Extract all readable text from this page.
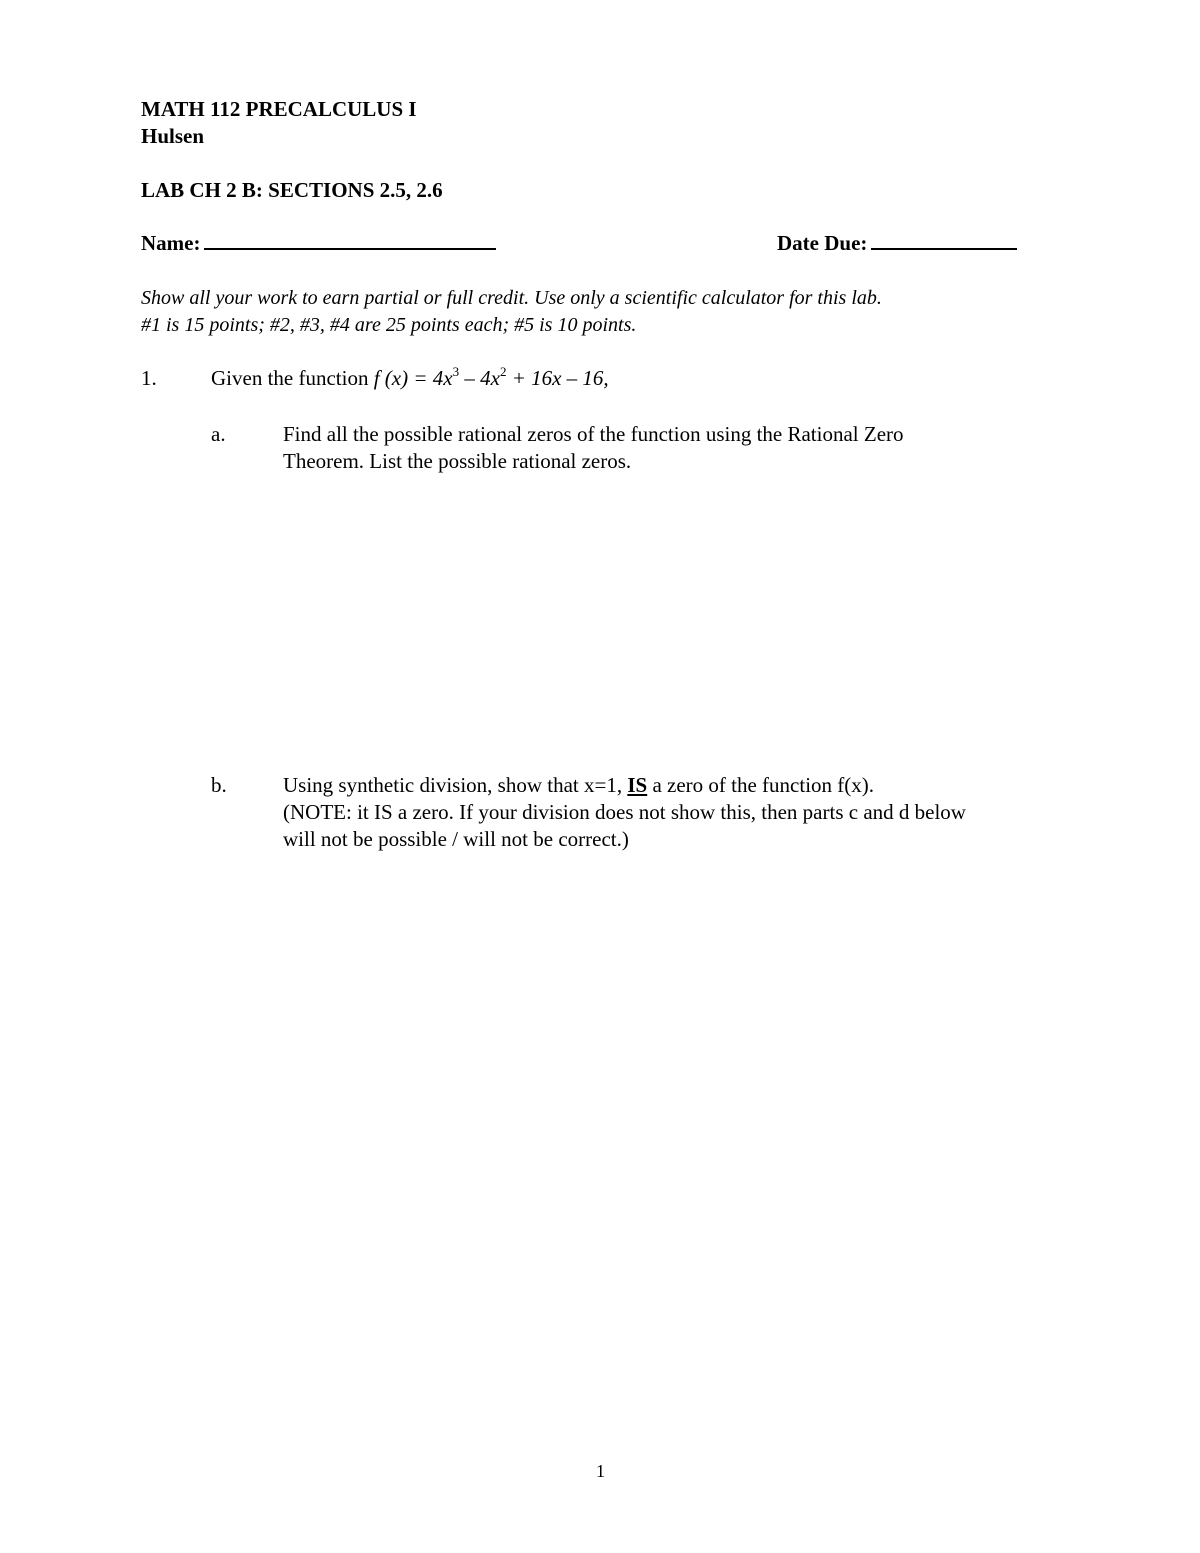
MATH 112 PRECALCULUS I
Hulsen
LAB CH 2 B: SECTIONS 2.5, 2.6
Name:	Date Due:
Show all your work to earn partial or full credit. Use only a scientific calculator for this lab.
#1 is 15 points; #2, #3, #4 are 25 points each; #5 is 10 points.
1.	Given the function f $(x) = 4x^3 - 4x^2 + 16x - 16$,
a.	Find all the possible rational zeros of the function using the Rational Zero
Theorem. List the possible rational zeros.
b.	Using synthetic division, show that x=1, IS a zero of the function f(x).
(NOTE: it IS a zero. If your division does not show this, then parts c and d below
will not be possible / will not be correct.)
1
